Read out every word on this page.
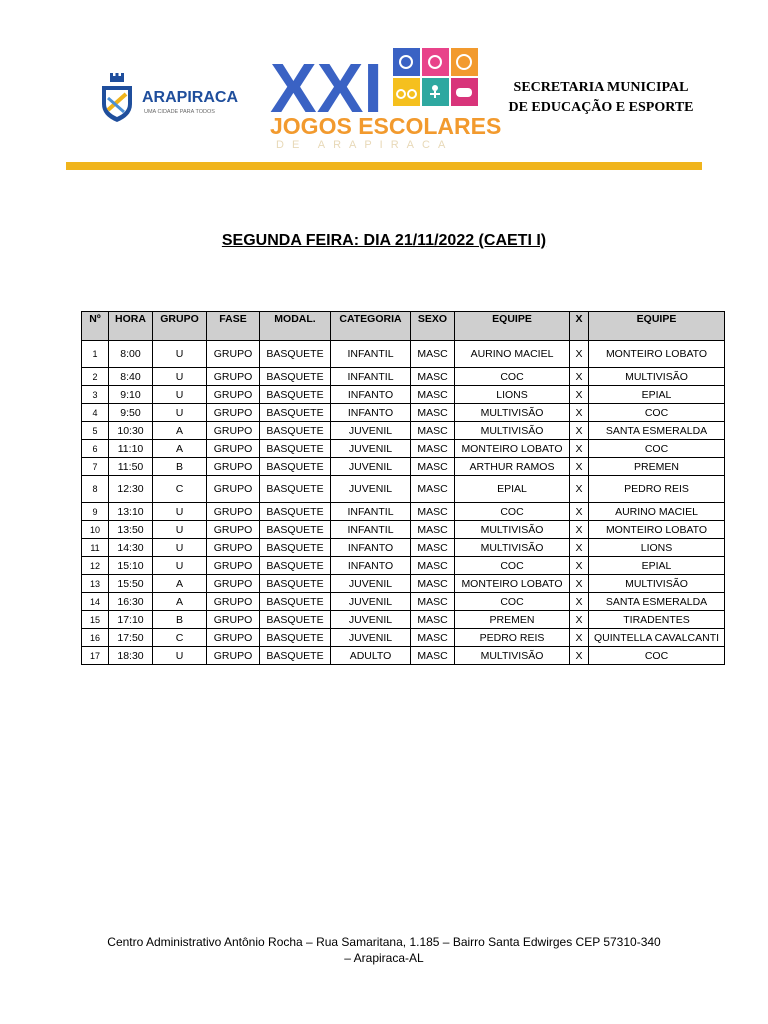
ARAPIRACA
UMA CIDADE PARA TODOS XXI
JOGOS ESCOLARES
DE ARAPIRACA
SECRETARIA MUNICIPAL
DE EDUCAÇÃO E ESPORTE
SEGUNDA FEIRA: DIA 21/11/2022 (CAETI I)
Nº	HORA	GRUPO	FASE	MODAL.	CATEGORIA	SEXO	EQUIPE	X	EQUIPE
1	8:00	U	GRUPO	BASQUETE	INFANTIL	MASC	AURINO MACIEL	X	MONTEIRO LOBATO
2	8:40	U	GRUPO	BASQUETE	INFANTIL	MASC	COC	X	MULTIVISÃO
3	9:10	U	GRUPO	BASQUETE	INFANTO	MASC	LIONS	X	EPIAL
4	9:50	U	GRUPO	BASQUETE	INFANTO	MASC	MULTIVISÃO	X	COC
5	10:30	A	GRUPO	BASQUETE	JUVENIL	MASC	MULTIVISÃO	X	SANTA ESMERALDA
6	11:10	A	GRUPO	BASQUETE	JUVENIL	MASC	MONTEIRO LOBATO	X	COC
7	11:50	B	GRUPO	BASQUETE	JUVENIL	MASC	ARTHUR RAMOS	X	PREMEN
8	12:30	C	GRUPO	BASQUETE	JUVENIL	MASC	EPIAL	X	PEDRO REIS
9	13:10	U	GRUPO	BASQUETE	INFANTIL	MASC	COC	X	AURINO MACIEL
10	13:50	U	GRUPO	BASQUETE	INFANTIL	MASC	MULTIVISÃO	X	MONTEIRO LOBATO
11	14:30	U	GRUPO	BASQUETE	INFANTO	MASC	MULTIVISÃO	X	LIONS
12	15:10	U	GRUPO	BASQUETE	INFANTO	MASC	COC	X	EPIAL
13	15:50	A	GRUPO	BASQUETE	JUVENIL	MASC	MONTEIRO LOBATO	X	MULTIVISÃO
14	16:30	A	GRUPO	BASQUETE	JUVENIL	MASC	COC	X	SANTA ESMERALDA
15	17:10	B	GRUPO	BASQUETE	JUVENIL	MASC	PREMEN	X	TIRADENTES
16	17:50	C	GRUPO	BASQUETE	JUVENIL	MASC	PEDRO REIS	X	QUINTELLA CAVALCANTI
17	18:30	U	GRUPO	BASQUETE	ADULTO	MASC	MULTIVISÃO	X	COC
Centro Administrativo Antônio Rocha – Rua Samaritana, 1.185 – Bairro Santa Edwirges CEP 57310-340
– Arapiraca-AL
